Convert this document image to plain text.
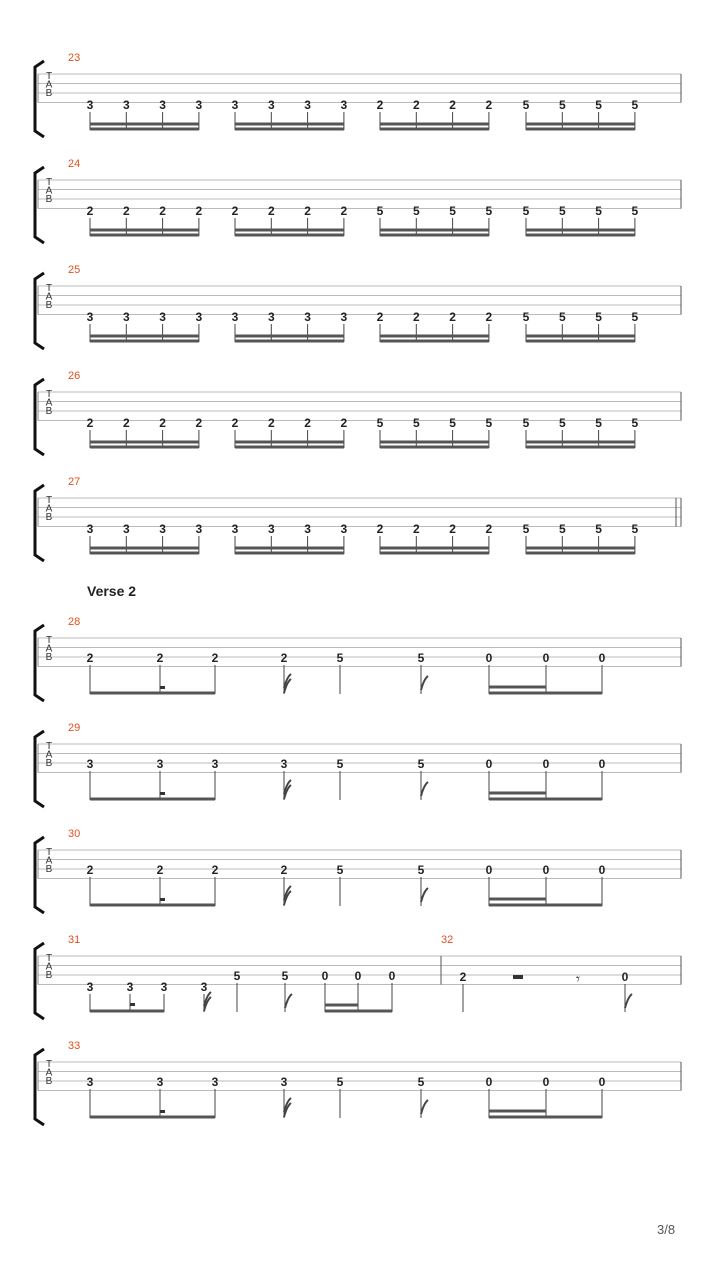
T
A
B
23
3 3 3 3 3 3 3 3 2 2 2 2	5 5 5 5
T
A
B
24
2 2 2 2 2 2 2 2 5 5 5 5	5 5 5 5
T
A
B
25
3 3 3 3 3 3 3 3 2 2 2 2	5 5 5 5
T
A
B
26
2 2 2 2 2 2 2 2 5 5 5 5	5 5 5 5
T
A
B
27
3 3 3 3 3 3 3 3 2 2 2 2	5 5 5 5
T
A
B
28
2	2	2	2	5	5	0	0	0
T
A
B
29
3	3	3	3	5	5	0	0	0
T
A
B
30
2	2	2	2	5	5	0	0	0
T
A
B
31	32
3	3 3	3
5	5	0 0 0	2	0
𝄾
T
A
B
33
3	3	3	3	5	5	0	0	0
Verse 2
3/8
